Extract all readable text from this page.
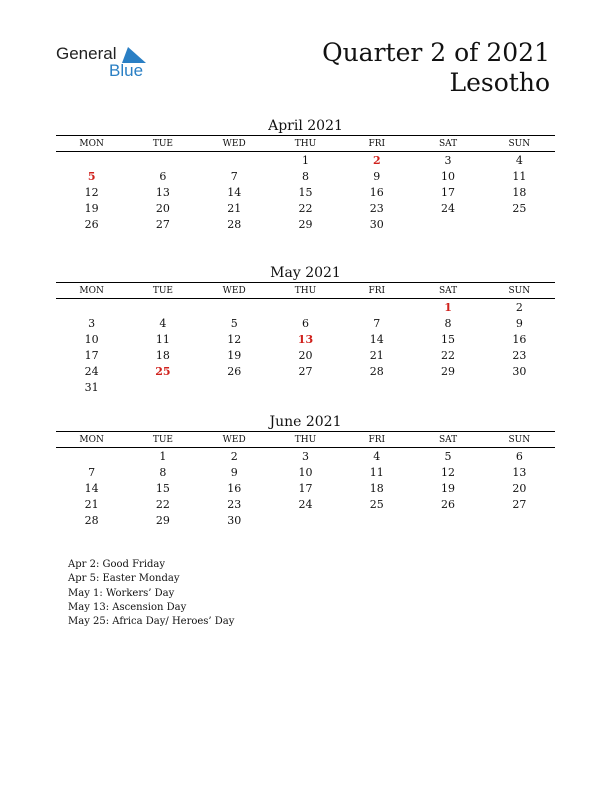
General
Blue
Quarter 2 of 2021
Lesotho
April 2021
MON	TUE	WED	THU	FRI	SAT	SUN
			1	2	3	4
5	6	7	8	9	10	11
12	13	14	15	16	17	18
19	20	21	22	23	24	25
26	27	28	29	30		
May 2021
MON	TUE	WED	THU	FRI	SAT	SUN
					1	2
3	4	5	6	7	8	9
10	11	12	13	14	15	16
17	18	19	20	21	22	23
24	25	26	27	28	29	30
31						
June 2021
MON	TUE	WED	THU	FRI	SAT	SUN
	1	2	3	4	5	6
7	8	9	10	11	12	13
14	15	16	17	18	19	20
21	22	23	24	25	26	27
28	29	30				
Apr 2: Good Friday
Apr 5: Easter Monday
May 1: Workers’ Day
May 13: Ascension Day
May 25: Africa Day/ Heroes’ Day
